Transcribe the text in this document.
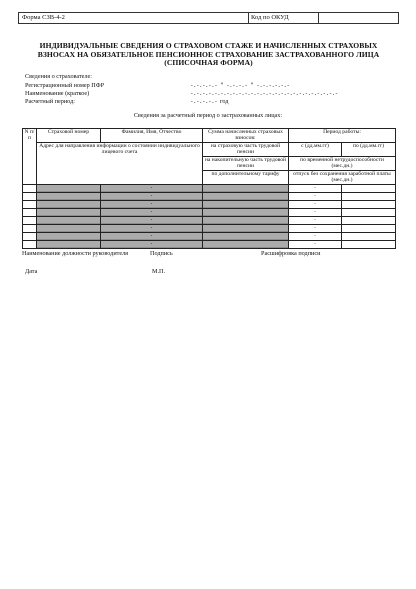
Форма СЗВ-4-2	Код по ОКУД
ИНДИВИДУАЛЬНЫЕ СВЕДЕНИЯ О СТРАХОВОМ СТАЖЕ И НАЧИСЛЕННЫХ СТРАХОВЫХ
ВЗНОСАХ НА ОБЯЗАТЕЛЬНОЕ ПЕНСИОННОЕ СТРАХОВАНИЕ ЗАСТРАХОВАННОГО ЛИЦА
(СПИСОЧНАЯ ФОРМА)
Сведения о страхователе:
Регистрационный номер ПФР	-.-.-.-.- " -.-.-.- " -.-.-.-.-.-
Наименование (краткое)	-.-.-.-.-.-.-.-.-.-.-.-.-.-.-.-.-.-.-.-.-.-.-.-.-
Расчетный период:	-.-.-.-.- год
Сведения за расчетный период о застрахованных лицах:
N п/п	Страховой номер	Фамилия, Имя, Отчество	Сумма начисленных страховых взносов:	Период работы:	
	Адрес для направления информации о состоянии индивидуального лицевого счета		на страховую часть трудовой пенсии	с (дд.мм.гг)	по (дд.мм.гг)
			на накопительную часть трудовой пенсии	по временной нетрудоспособности (мес.дн.)	
			по дополнительному тарифу	отпуск без сохранения заработной платы (мес.дн.)	
		-		-	
		-		-	
		-		-	
		-		-	
		-		-	
		-		-	
		-		-	
		-		-	
Наименование должности руководителя	Подпись	Расшифровка подписи
Дата	М.П.
